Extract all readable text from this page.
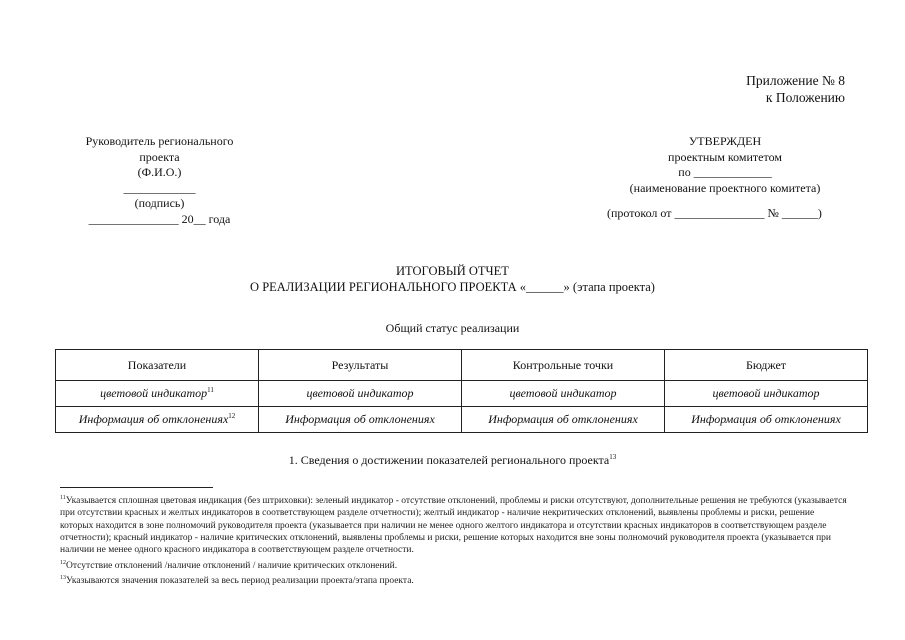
Приложение № 8
к Положению
Руководитель регионального
проекта
(Ф.И.О.)
____________
(подпись)
_______________ 20__ года
УТВЕРЖДЕН
проектным комитетом
по _____________
(наименование проектного комитета)
(протокол от _______________ № ______)
ИТОГОВЫЙ ОТЧЕТ
О РЕАЛИЗАЦИИ РЕГИОНАЛЬНОГО ПРОЕКТА «______» (этапа проекта)
Общий статус реализации
Показатели	Результаты	Контрольные точки	Бюджет
цветовой индикатор$^{11}$	цветовой индикатор	цветовой индикатор	цветовой индикатор
Информация об отклонениях$^{12}$	Информация об отклонениях	Информация об отклонениях	Информация об отклонениях
1. Сведения о достижении показателей регионального проекта$^{13}$
$^{11}$Указывается сплошная цветовая индикация (без штриховки): зеленый индикатор - отсутствие отклонений, проблемы и риски отсутствуют, дополнительные решения не требуются (указывается при отсутствии красных и желтых индикаторов в соответствующем разделе отчетности); желтый индикатор - наличие некритических отклонений, выявлены проблемы и риски, решение которых находится в зоне полномочий руководителя проекта (указывается при наличии не менее одного желтого индикатора и отсутствии красных индикаторов в соответствующем разделе отчетности); красный индикатор - наличие критических отклонений, выявлены проблемы и риски, решение которых находится вне зоны полномочий руководителя проекта (указывается при наличии не менее одного красного индикатора в соответствующем разделе отчетности.
$^{12}$Отсутствие отклонений /наличие отклонений / наличие критических отклонений.
$^{13}$Указываются значения показателей за весь период реализации проекта/этапа проекта.
